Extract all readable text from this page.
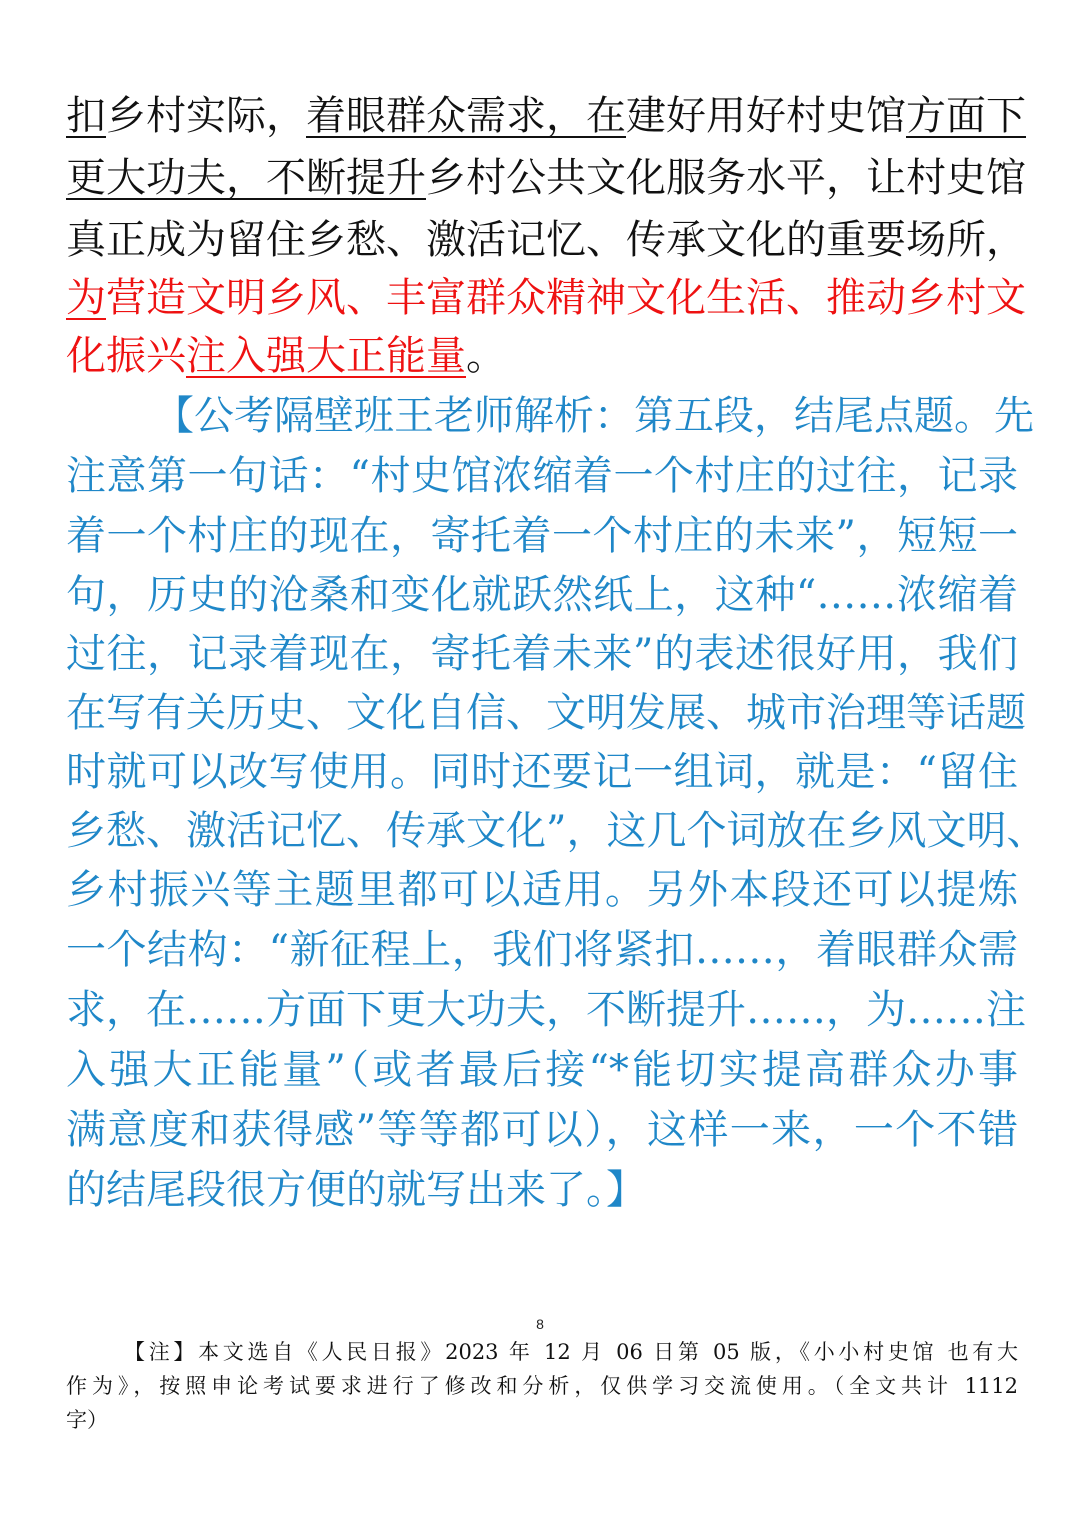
扣乡村实际，着眼群众需求，在建好用好村史馆方面下
更大功夫，不断提升乡村公共文化服务水平，让村史馆
真正成为留住乡愁、激活记忆、传承文化的重要场所，
为营造文明乡风、丰富群众精神文化生活、推动乡村文
化振兴注入强大正能量。
【公考隔壁班王老师解析：第五段，结尾点题。先
注意第一句话：“村史馆浓缩着一个村庄的过往，记录
着一个村庄的现在，寄托着一个村庄的未来”，短短一
句，历史的沧桑和变化就跃然纸上，这种“……浓缩着
过往，记录着现在，寄托着未来”的表述很好用，我们
在写有关历史、文化自信、文明发展、城市治理等话题
时就可以改写使用。同时还要记一组词，就是：“留住
乡愁、激活记忆、传承文化”，这几个词放在乡风文明、
乡村振兴等主题里都可以适用。另外本段还可以提炼
一个结构：“新征程上，我们将紧扣……，着眼群众需
求，在……方面下更大功夫，不断提升……，为……注
入强大正能量”（或者最后接“*能切实提高群众办事
满意度和获得感”等等都可以），这样一来，一个不错
的结尾段很方便的就写出来了。】
8
【注】本文选自《人民日报》2023 年 12 月 06 日第 05 版，《小小村史馆 也有大
作为》，按照申论考试要求进行了修改和分析，仅供学习交流使用。（全文共计 1112
字）
